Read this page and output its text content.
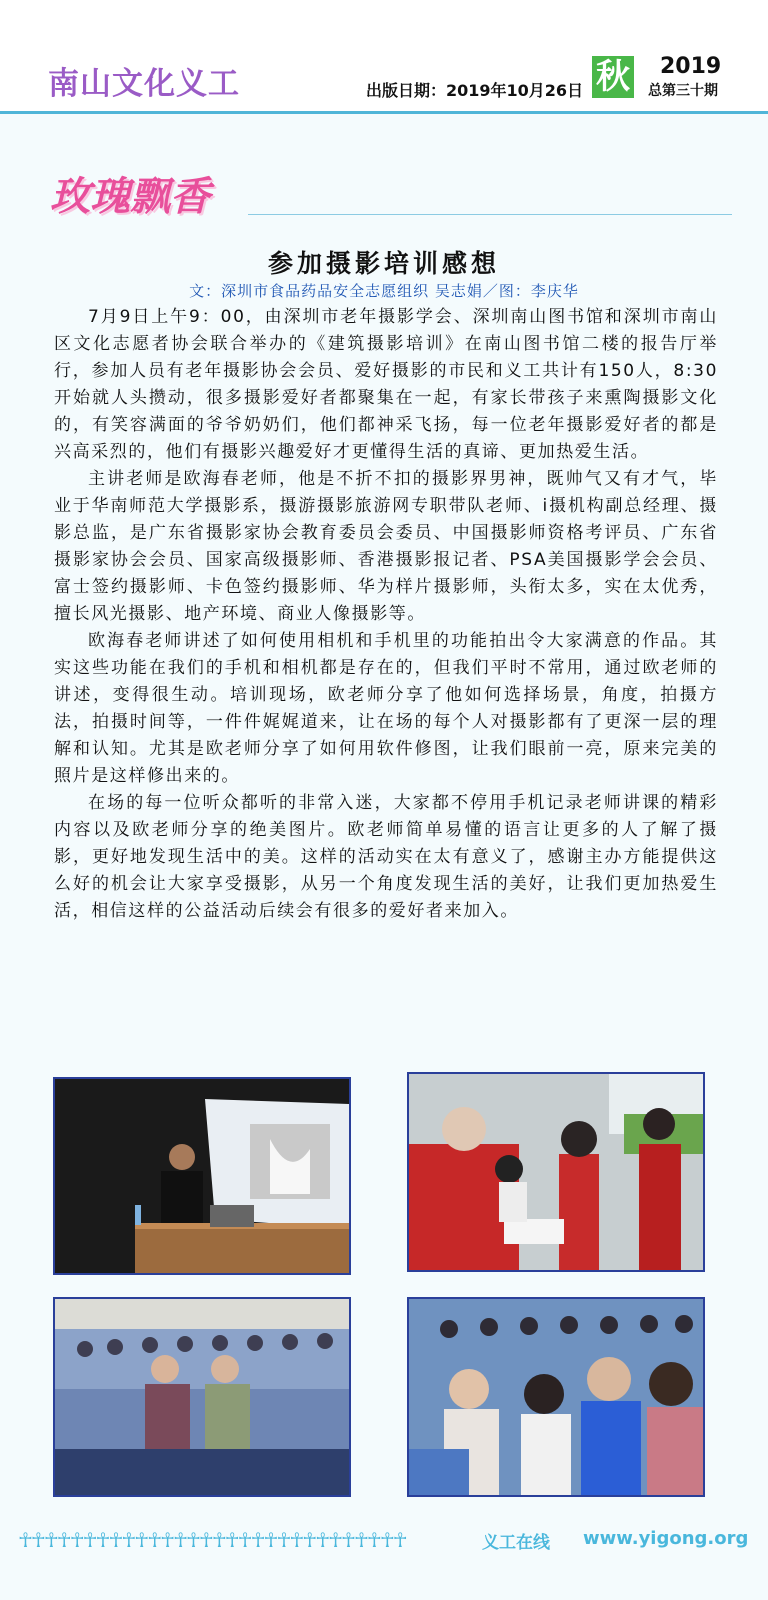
南山文化义工	出版日期：2019年10月26日 秋 2019
总第三十期
玫瑰飘香
参加摄影培训感想
文：深圳市食品药品安全志愿组织 吴志娟／图：李庆华

7月9日上午9：00，由深圳市老年摄影学会、深圳南山图书馆和深圳市南山区文化志愿者协会联合举办的《建筑摄影培训》在南山图书馆二楼的报告厅举行，参加人员有老年摄影协会会员、爱好摄影的市民和义工共计有150人，8:30开始就人头攒动，很多摄影爱好者都聚集在一起，有家长带孩子来熏陶摄影文化的，有笑容满面的爷爷奶奶们，他们都神采飞扬，每一位老年摄影爱好者的都是兴高采烈的，他们有摄影兴趣爱好才更懂得生活的真谛、更加热爱生活。

主讲老师是欧海春老师，他是不折不扣的摄影界男神，既帅气又有才气，毕业于华南师范大学摄影系，摄游摄影旅游网专职带队老师、i摄机构副总经理、摄影总监，是广东省摄影家协会教育委员会委员、中国摄影师资格考评员、广东省摄影家协会会员、国家高级摄影师、香港摄影报记者、PSA美国摄影学会会员、富士签约摄影师、卡色签约摄影师、华为样片摄影师，头衔太多，实在太优秀，擅长风光摄影、地产环境、商业人像摄影等。

欧海春老师讲述了如何使用相机和手机里的功能拍出令大家满意的作品。其实这些功能在我们的手机和相机都是存在的，但我们平时不常用，通过欧老师的讲述，变得很生动。培训现场，欧老师分享了他如何选择场景，角度，拍摄方法，拍摄时间等，一件件娓娓道来，让在场的每个人对摄影都有了更深一层的理解和认知。尤其是欧老师分享了如何用软件修图，让我们眼前一亮，原来完美的照片是这样修出来的。

在场的每一位听众都听的非常入迷，大家都不停用手机记录老师讲课的精彩内容以及欧老师分享的绝美图片。欧老师简单易懂的语言让更多的人了解了摄影，更好地发现生活中的美。这样的活动实在太有意义了，感谢主办方能提供这么好的机会让大家享受摄影，从另一个角度发现生活的美好，让我们更加热爱生活，相信这样的公益活动后续会有很多的爱好者来加入。

☥☥☥☥☥☥☥☥☥☥☥☥☥☥☥☥☥☥☥☥☥☥☥☥☥☥☥☥☥☥	义工在线 www.yigong.org
